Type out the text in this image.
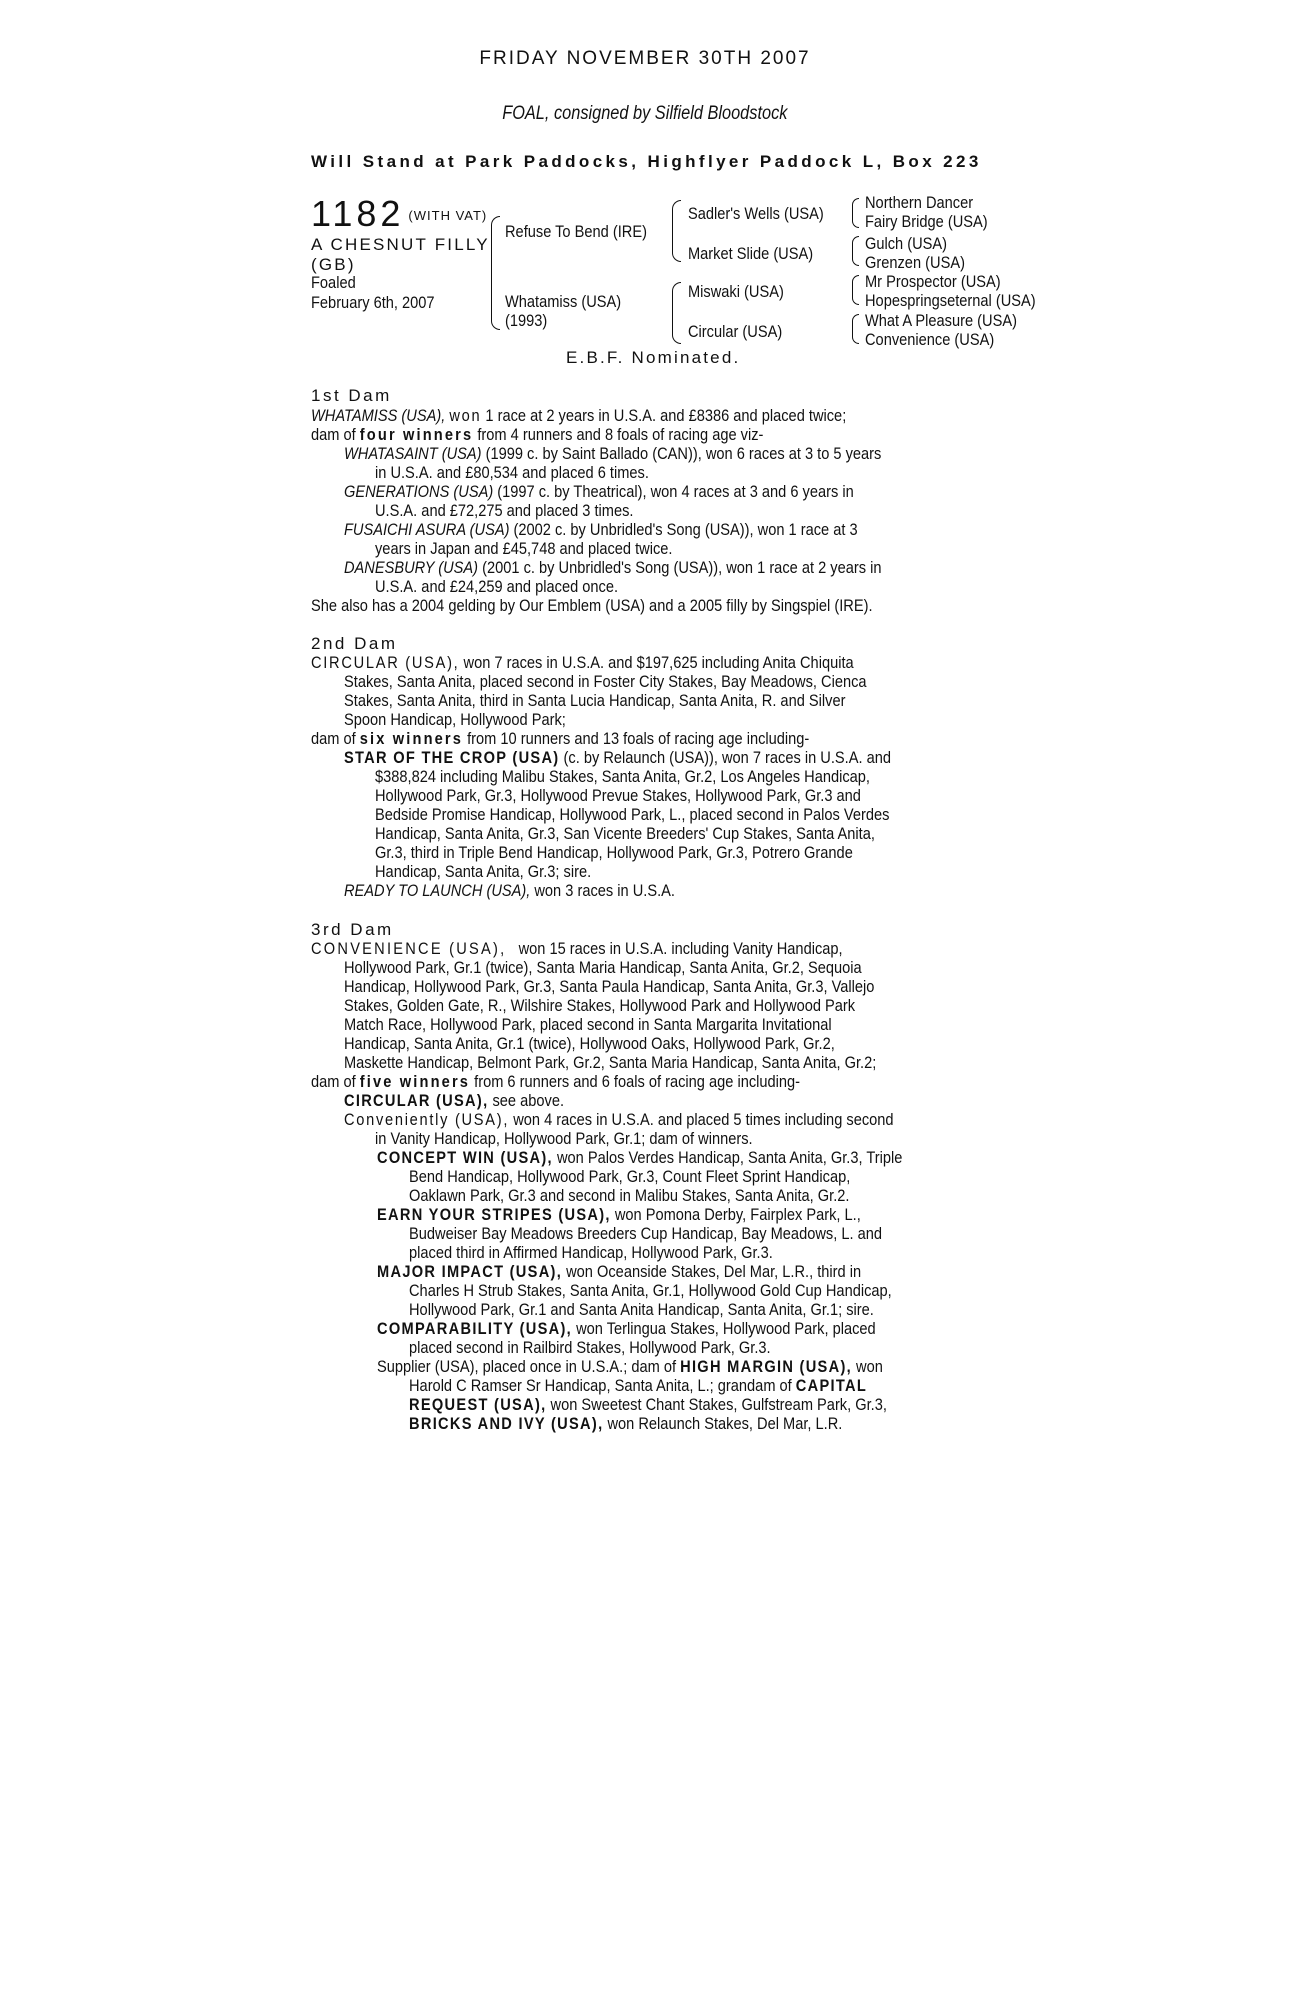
FRIDAY NOVEMBER 30TH 2007
FOAL, consigned by Silfield Bloodstock
Will Stand at Park Paddocks, Highflyer Paddock L, Box 223
1182 (WITH VAT)
A CHESNUT FILLY
(GB)
Foaled
February 6th, 2007
Refuse To Bend (IRE)
Whatamiss (USA)
(1993)
Sadler's Wells (USA)
Market Slide (USA)
Miswaki (USA)
Circular (USA)
Northern Dancer
Fairy Bridge (USA)
Gulch (USA)
Grenzen (USA)
Mr Prospector (USA)
Hopespringseternal (USA)
What A Pleasure (USA)
Convenience (USA)
E.B.F. Nominated.
1st Dam
WHATAMISS (USA), won 1 race at 2 years in U.S.A. and £8386 and placed twice;
dam of four winners from 4 runners and 8 foals of racing age viz-
WHATASAINT (USA) (1999 c. by Saint Ballado (CAN)), won 6 races at 3 to 5 years
in U.S.A. and £80,534 and placed 6 times.
GENERATIONS (USA) (1997 c. by Theatrical), won 4 races at 3 and 6 years in
U.S.A. and £72,275 and placed 3 times.
FUSAICHI ASURA (USA) (2002 c. by Unbridled's Song (USA)), won 1 race at 3
years in Japan and £45,748 and placed twice.
DANESBURY (USA) (2001 c. by Unbridled's Song (USA)), won 1 race at 2 years in
U.S.A. and £24,259 and placed once.
She also has a 2004 gelding by Our Emblem (USA) and a 2005 filly by Singspiel (IRE).
2nd Dam
CIRCULAR (USA), won 7 races in U.S.A. and $197,625 including Anita Chiquita
Stakes, Santa Anita, placed second in Foster City Stakes, Bay Meadows, Cienca
Stakes, Santa Anita, third in Santa Lucia Handicap, Santa Anita, R. and Silver
Spoon Handicap, Hollywood Park;
dam of six winners from 10 runners and 13 foals of racing age including-
STAR OF THE CROP (USA) (c. by Relaunch (USA)), won 7 races in U.S.A. and
$388,824 including Malibu Stakes, Santa Anita, Gr.2, Los Angeles Handicap,
Hollywood Park, Gr.3, Hollywood Prevue Stakes, Hollywood Park, Gr.3 and
Bedside Promise Handicap, Hollywood Park, L., placed second in Palos Verdes
Handicap, Santa Anita, Gr.3, San Vicente Breeders' Cup Stakes, Santa Anita,
Gr.3, third in Triple Bend Handicap, Hollywood Park, Gr.3, Potrero Grande
Handicap, Santa Anita, Gr.3; sire.
READY TO LAUNCH (USA), won 3 races in U.S.A.
3rd Dam
CONVENIENCE (USA), won 15 races in U.S.A. including Vanity Handicap,
Hollywood Park, Gr.1 (twice), Santa Maria Handicap, Santa Anita, Gr.2, Sequoia
Handicap, Hollywood Park, Gr.3, Santa Paula Handicap, Santa Anita, Gr.3, Vallejo
Stakes, Golden Gate, R., Wilshire Stakes, Hollywood Park and Hollywood Park
Match Race, Hollywood Park, placed second in Santa Margarita Invitational
Handicap, Santa Anita, Gr.1 (twice), Hollywood Oaks, Hollywood Park, Gr.2,
Maskette Handicap, Belmont Park, Gr.2, Santa Maria Handicap, Santa Anita, Gr.2;
dam of five winners from 6 runners and 6 foals of racing age including-
CIRCULAR (USA), see above.
Conveniently (USA), won 4 races in U.S.A. and placed 5 times including second
in Vanity Handicap, Hollywood Park, Gr.1; dam of winners.
CONCEPT WIN (USA), won Palos Verdes Handicap, Santa Anita, Gr.3, Triple
Bend Handicap, Hollywood Park, Gr.3, Count Fleet Sprint Handicap,
Oaklawn Park, Gr.3 and second in Malibu Stakes, Santa Anita, Gr.2.
EARN YOUR STRIPES (USA), won Pomona Derby, Fairplex Park, L.,
Budweiser Bay Meadows Breeders Cup Handicap, Bay Meadows, L. and
placed third in Affirmed Handicap, Hollywood Park, Gr.3.
MAJOR IMPACT (USA), won Oceanside Stakes, Del Mar, L.R., third in
Charles H Strub Stakes, Santa Anita, Gr.1, Hollywood Gold Cup Handicap,
Hollywood Park, Gr.1 and Santa Anita Handicap, Santa Anita, Gr.1; sire.
COMPARABILITY (USA), won Terlingua Stakes, Hollywood Park, placed
placed second in Railbird Stakes, Hollywood Park, Gr.3.
Supplier (USA), placed once in U.S.A.; dam of HIGH MARGIN (USA), won
Harold C Ramser Sr Handicap, Santa Anita, L.; grandam of CAPITAL
REQUEST (USA), won Sweetest Chant Stakes, Gulfstream Park, Gr.3,
BRICKS AND IVY (USA), won Relaunch Stakes, Del Mar, L.R.
